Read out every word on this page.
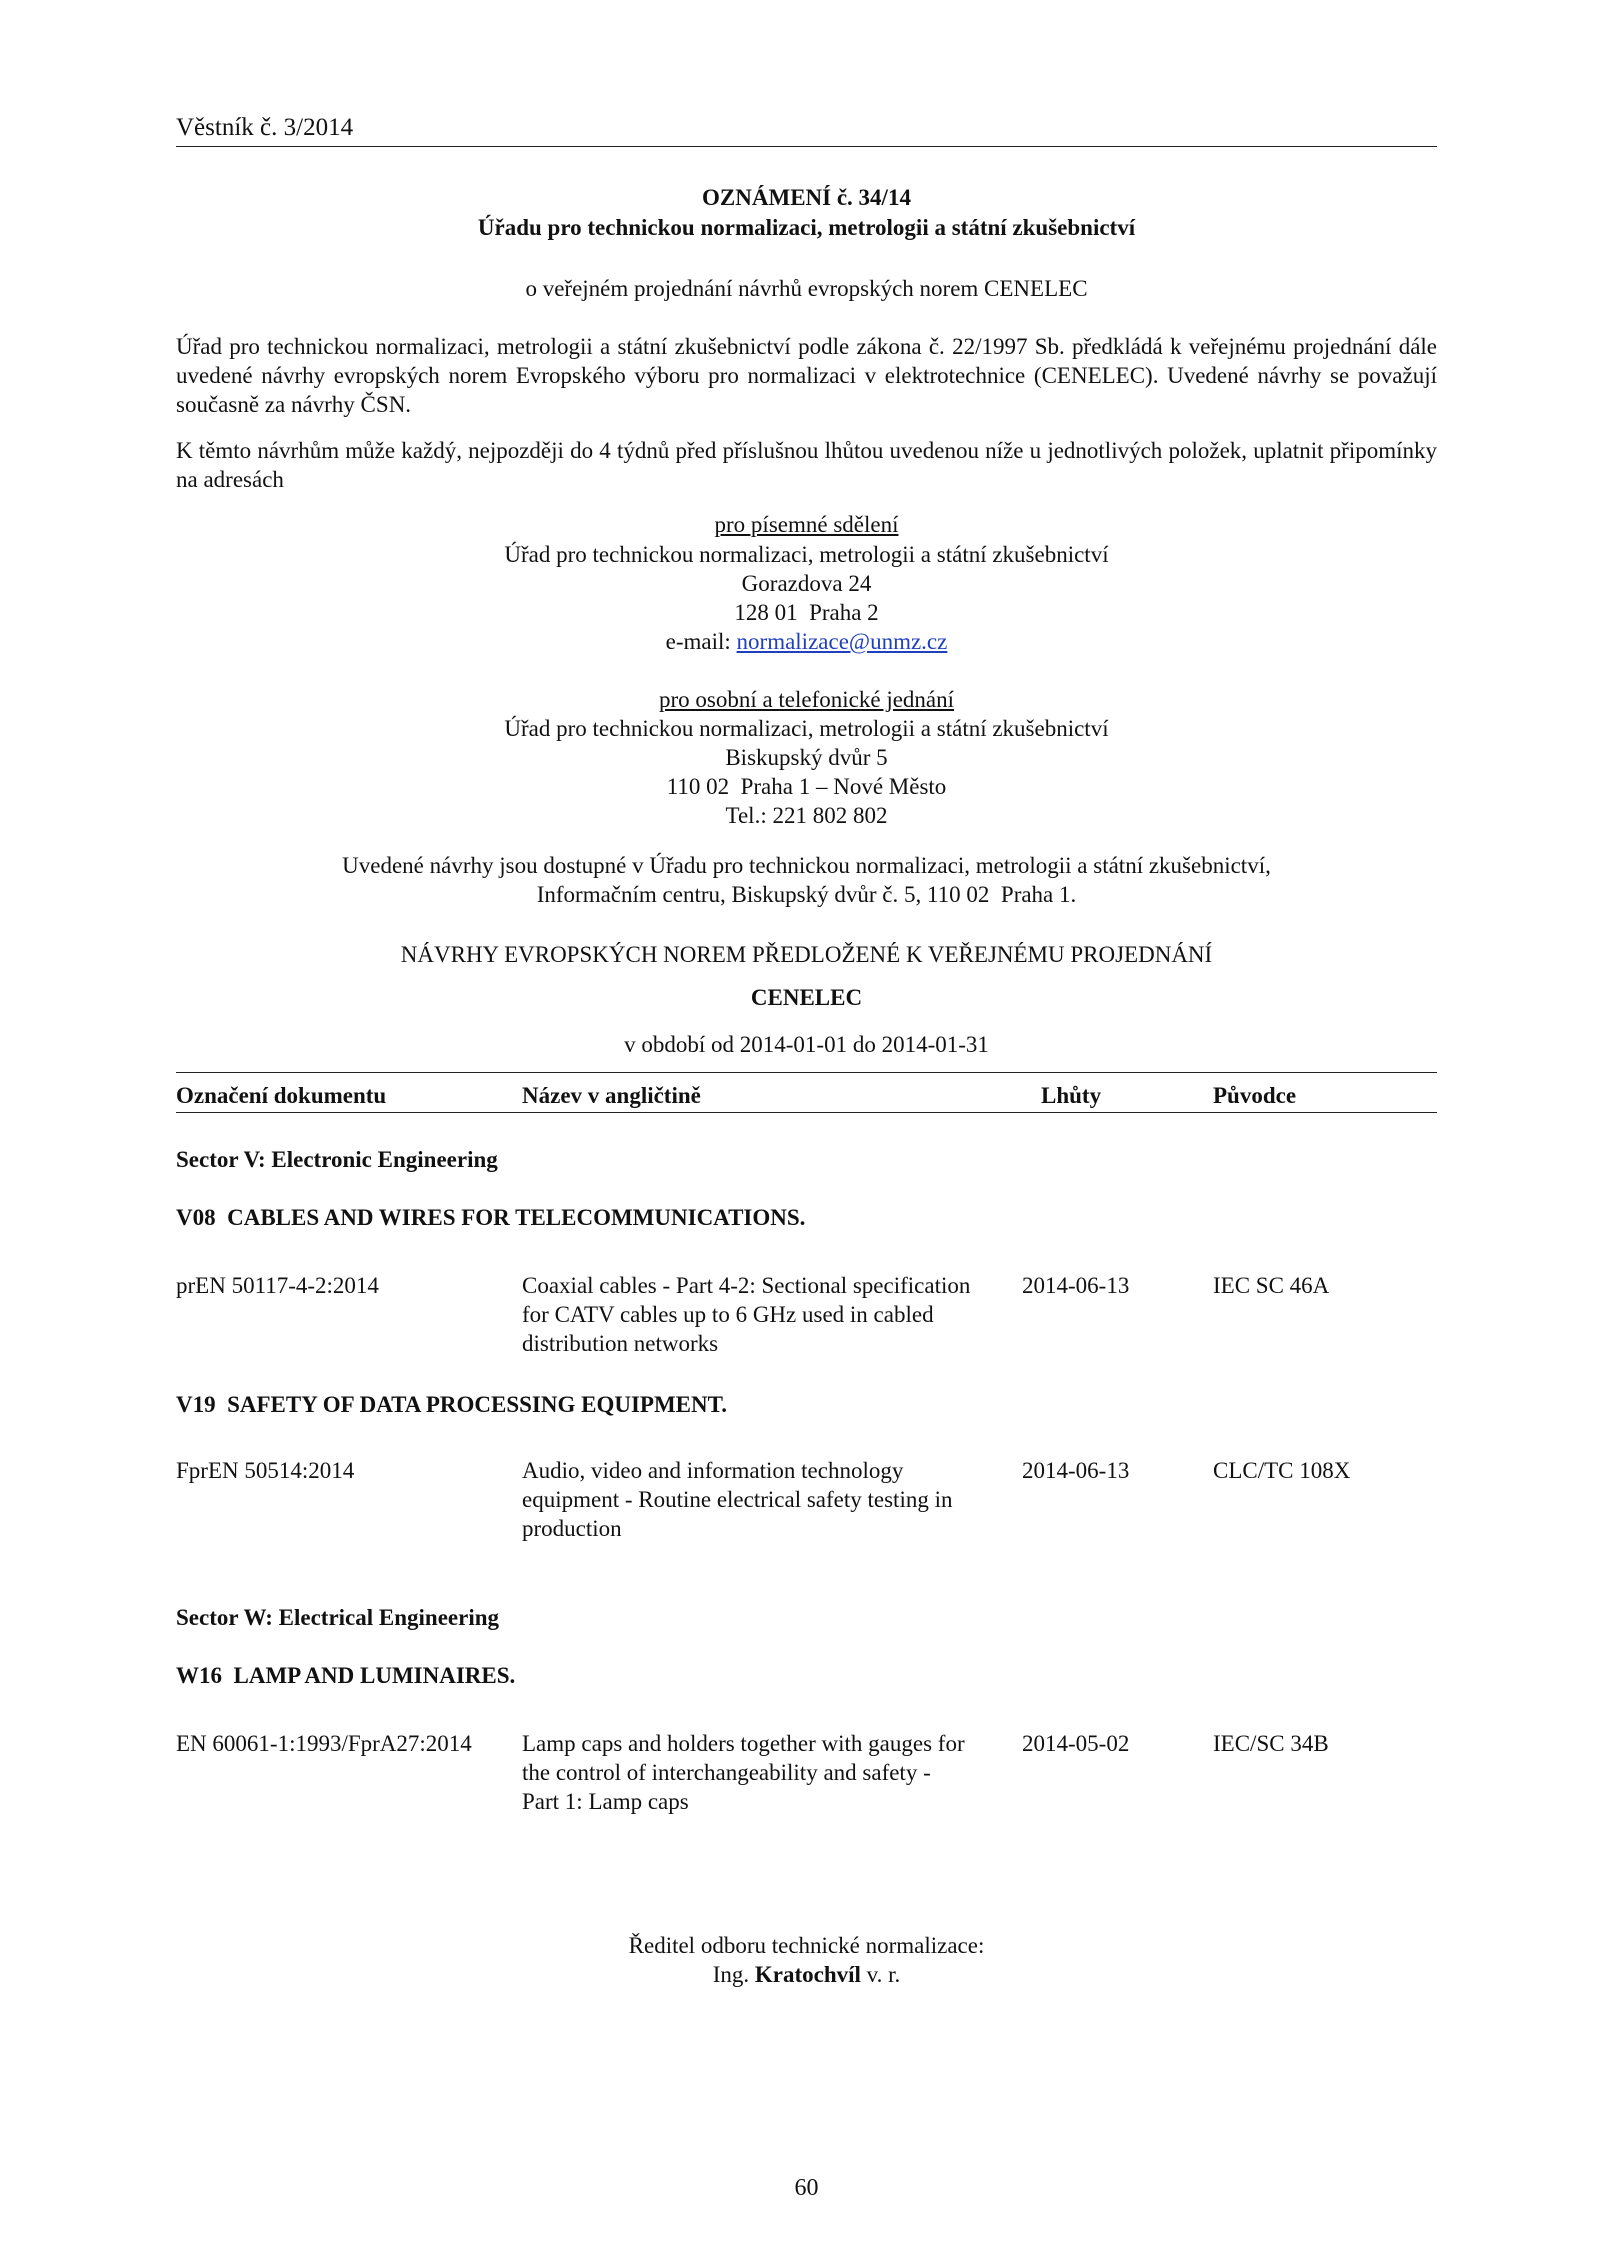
Věstník č. 3/2014
OZNÁMENÍ č. 34/14
Úřadu pro technickou normalizaci, metrologii a státní zkušebnictví
o veřejném projednání návrhů evropských norem CENELEC
Úřad pro technickou normalizaci, metrologii a státní zkušebnictví podle zákona č. 22/1997 Sb. předkládá k veřejnému projednání dále uvedené návrhy evropských norem Evropského výboru pro normalizaci v elektrotechnice (CENELEC). Uvedené návrhy se považují současně za návrhy ČSN.
K těmto návrhům může každý, nejpozději do 4 týdnů před příslušnou lhůtou uvedenou níže u jednotlivých položek, uplatnit připomínky na adresách
pro písemné sdělení
Úřad pro technickou normalizaci, metrologii a státní zkušebnictví
Gorazdova 24
128 01  Praha 2
e-mail: normalizace@unmz.cz
pro osobní a telefonické jednání
Úřad pro technickou normalizaci, metrologii a státní zkušebnictví
Biskupský dvůr 5
110 02  Praha 1 – Nové Město
Tel.: 221 802 802
Uvedené návrhy jsou dostupné v Úřadu pro technickou normalizaci, metrologii a státní zkušebnictví,
Informačním centru, Biskupský dvůr č. 5, 110 02  Praha 1.
NÁVRHY EVROPSKÝCH NOREM PŘEDLOŽENÉ K VEŘEJNÉMU PROJEDNÁNÍ
CENELEC
v období od 2014-01-01 do 2014-01-31
Označení dokumentu	Název v angličtině	Lhůty	Původce
Sector V: Electronic Engineering
V08  CABLES AND WIRES FOR TELECOMMUNICATIONS.
prEN 50117-4-2:2014	Coaxial cables - Part 4-2: Sectional specification
for CATV cables up to 6 GHz used in cabled
distribution networks
2014-06-13	IEC SC 46A
V19  SAFETY OF DATA PROCESSING EQUIPMENT.
FprEN 50514:2014	Audio, video and information technology
equipment - Routine electrical safety testing in
production
2014-06-13	CLC/TC 108X
Sector W: Electrical Engineering
W16  LAMP AND LUMINAIRES.
EN 60061-1:1993/FprA27:2014 Lamp caps and holders together with gauges for
the control of interchangeability and safety -
Part 1: Lamp caps
2014-05-02	IEC/SC 34B
Ředitel odboru technické normalizace:
Ing. Kratochvíl v. r.
60
